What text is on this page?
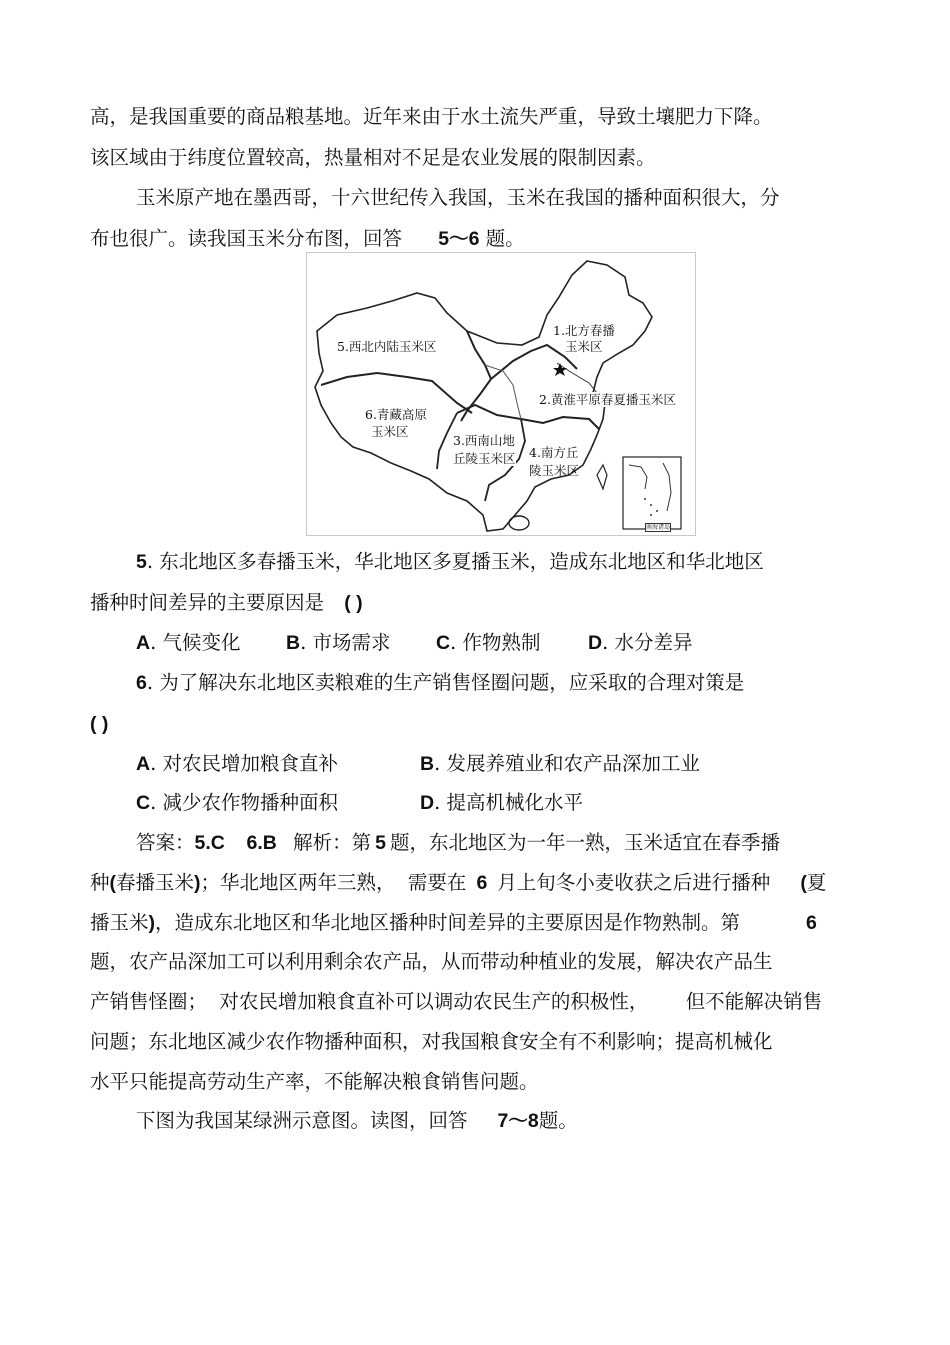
高，是我国重要的商品粮基地。近年来由于水土流失严重，导致土壤肥力下降。
该区域由于纬度位置较高，热量相对不足是农业发展的限制因素。
玉米原产地在墨西哥，十六世纪传入我国，玉米在我国的播种面积很大，分
布也很广。读我国玉米分布图，回答 5～6 题。
1.北方春播
玉米区
2.黄淮平原春夏播玉米区
3.西南山地
丘陵玉米区 4.南方丘
陵玉米区
5.西北内陆玉米区
6.青藏高原
玉米区
南海诸岛
5. 东北地区多春播玉米，华北地区多夏播玉米，造成东北地区和华北地区
播种时间差异的主要原因是 ( )
A. 气候变化 B. 市场需求 C. 作物熟制 D. 水分差异
6. 为了解决东北地区卖粮难的生产销售怪圈问题，应采取的合理对策是
( )
A. 对农民增加粮食直补	B. 发展养殖业和农产品深加工业
C. 减少农作物播种面积	D. 提高机械化水平
答案：5.C    6.B 解析：第 5 题，东北地区为一年一熟，玉米适宜在春季播
种(春播玉米)；华北地区两年三熟，  需要在 6 月上旬冬小麦收获之后进行播种 (夏
播玉米)，造成东北地区和华北地区播种时间差异的主要原因是作物熟制。第	6
题，农产品深加工可以利用剩余农产品，从而带动种植业的发展，解决农产品生
产销售怪圈；  对农民增加粮食直补可以调动农民生产的积极性，      但不能解决销售
问题；东北地区减少农作物播种面积，对我国粮食安全有不利影响；提高机械化
水平只能提高劳动生产率，不能解决粮食销售问题。
下图为我国某绿洲示意图。读图，回答 7～8题。
